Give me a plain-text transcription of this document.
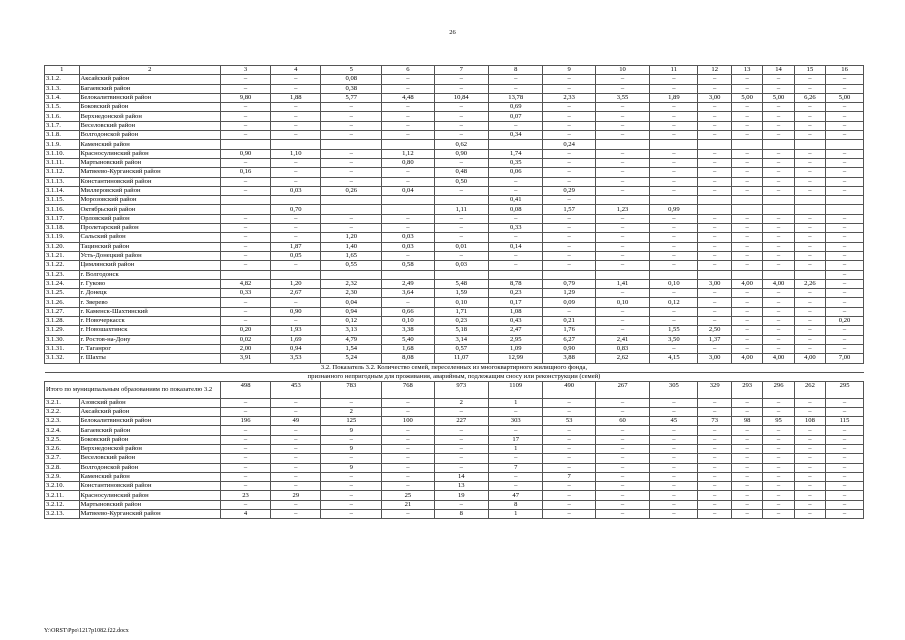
26
1	2	3	4	5	6	7	8	9	10	11	12	13	14	15	16
3.1.2.	Аксайский район	–	–	0,08	–	–	–	–	–	–	–	–	–	–	–
3.1.3.	Багаевский район	–	–	0,38	–	–	–	–	–	–	–	–	–	–	–
3.1.4.	Белокалитвинский район	9,80	1,88	5,77	4,48	10,84	13,78	2,33	3,55	1,89	3,00	5,00	5,00	6,26	5,00
3.1.5.	Боковский район	–	–	–	–	–	0,69	–	–	–	–	–	–	–	–
3.1.6.	Верхнедонской район	–	–	–	–	–	0,07	–	–	–	–	–	–	–	–
3.1.7.	Веселовский район	–	–	–	–	–	–	–	–	–	–	–	–	–	–
3.1.8.	Волгодонской район	–	–	–	–	–	0,34	–	–	–	–	–	–	–	–
3.1.9.	Каменский район					0,62		0,24							
3.1.10.	Красносулинский район	0,90	1,10	–	1,12	0,90	1,74	–	–	–	–	–	–	–	–
3.1.11.	Мартыновский район	–	–	–	0,80	–	0,35	–	–	–	–	–	–	–	–
3.1.12.	Матвеево-Курганский район	0,16	–	–	–	0,48	0,06	–	–	–	–	–	–	–	–
3.1.13.	Константиновский район	–	–	–	–	0,50	–	–	–	–	–	–	–	–	–
3.1.14.	Миллеровский район	–	0,03	0,26	0,04	–	–	0,29	–	–	–	–	–	–	–
3.1.15.	Морозовский район						0,41	–							
3.1.16.	Октябрьский район		0,70			1,11	0,08	1,57	1,23	0,99					
3.1.17.	Орловский район	–	–	–	–	–	–	–	–	–	–	–	–	–	–
3.1.18.	Пролетарский район	–	–	–	–	–	0,33	–	–	–	–	–	–	–	–
3.1.19.	Сальский район	–	–	1,20	0,03	–	–	–	–	–	–	–	–	–	–
3.1.20.	Тацинский район	–	1,87	1,40	0,03	0,01	0,14	–	–	–	–	–	–	–	–
3.1.21.	Усть-Донецкий район	–	0,05	1,65	–	–	–	–	–	–	–	–	–	–	–
3.1.22.	Цимлянский район	–	–	0,55	0,58	0,03	–	–	–	–	–	–	–	–	–
3.1.23.	г. Волгодонск														–
3.1.24.	г. Гуково	4,82	1,20	2,32	2,49	5,48	8,78	0,79	1,41	0,10	3,00	4,00	4,00	2,26	–
3.1.25.	г. Донецк	0,33	2,67	2,30	3,64	1,59	0,23	1,29	–	–	–	–	–	–	–
3.1.26.	г. Зверево	–	–	0,04	–	0,10	0,17	0,09	0,10	0,12	–	–	–	–	–
3.1.27.	г. Каменск-Шахтинский	–	0,90	0,94	0,66	1,71	1,08	–	–	–	–	–	–	–	–
3.1.28.	г. Новочеркасск	–	–	0,12	0,10	0,23	0,43	0,21	–	–	–	–	–	–	0,20
3.1.29.	г. Новошахтинск	0,20	1,93	3,13	3,38	5,18	2,47	1,76	–	1,55	2,50	–	–	–	–
3.1.30.	г. Ростов-на-Дону	0,02	1,69	4,79	5,40	3,14	2,95	6,27	2,41	3,50	1,37	–	–	–	–
3.1.31.	г. Таганрог	2,00	0,94	1,54	1,68	0,57	1,09	0,90	0,83	–	–	–	–	–	–
3.1.32.	г. Шахты	3,91	3,53	5,24	8,08	11,07	12,99	3,88	2,62	4,15	3,00	4,00	4,00	4,00	7,00
3.2. Показатель 3.2. Количество семей, переселенных из многоквартирного жилищного фонда,															
признанного непригодным для проживания, аварийным, подлежащим сносу или реконструкции (семей)															
Итого по муниципальным образованиям по показателю 3.2		498	453	783	768	973	1109	490	267	305	329	293	296	262	295
3.2.1.	Азовский район	–	–	–	–	2	1	–	–	–	–	–	–	–	–
3.2.2.	Аксайский район	–	–	2	–	–	–	–	–	–	–	–	–	–	–
3.2.3.	Белокалитвинский район	196	49	125	100	227	303	53	60	45	73	98	95	108	115
3.2.4.	Багаевский район	–	–	9	–	–	–	–	–	–	–	–	–	–	–
3.2.5.	Боковский район	–	–	–	–	–	17	–	–	–	–	–	–	–	–
3.2.6.	Верхнедонской район	–	–	9	–	–	1	–	–	–	–	–	–	–	–
3.2.7.	Веселовский район	–	–	–	–	–	–	–	–	–	–	–	–	–	–
3.2.8.	Волгодонской район	–	–	9	–	–	7	–	–	–	–	–	–	–	–
3.2.9.	Каменский район	–	–	–	–	14	–	7	–	–	–	–	–	–	–
3.2.10.	Константиновский район	–	–	–	–	13	–	–	–	–	–	–	–	–	–
3.2.11.	Красносулинский район	23	29	–	25	19	47	–	–	–	–	–	–	–	–
3.2.12.	Мартыновский район	–	–	–	21	–	8	–	–	–	–	–	–	–	–
3.2.13.	Матвеево-Курганский район	4	–	–	–	8	1	–	–	–	–	–	–	–	–
Y:\ORST\Ppo\1217p1082.f22.docx
